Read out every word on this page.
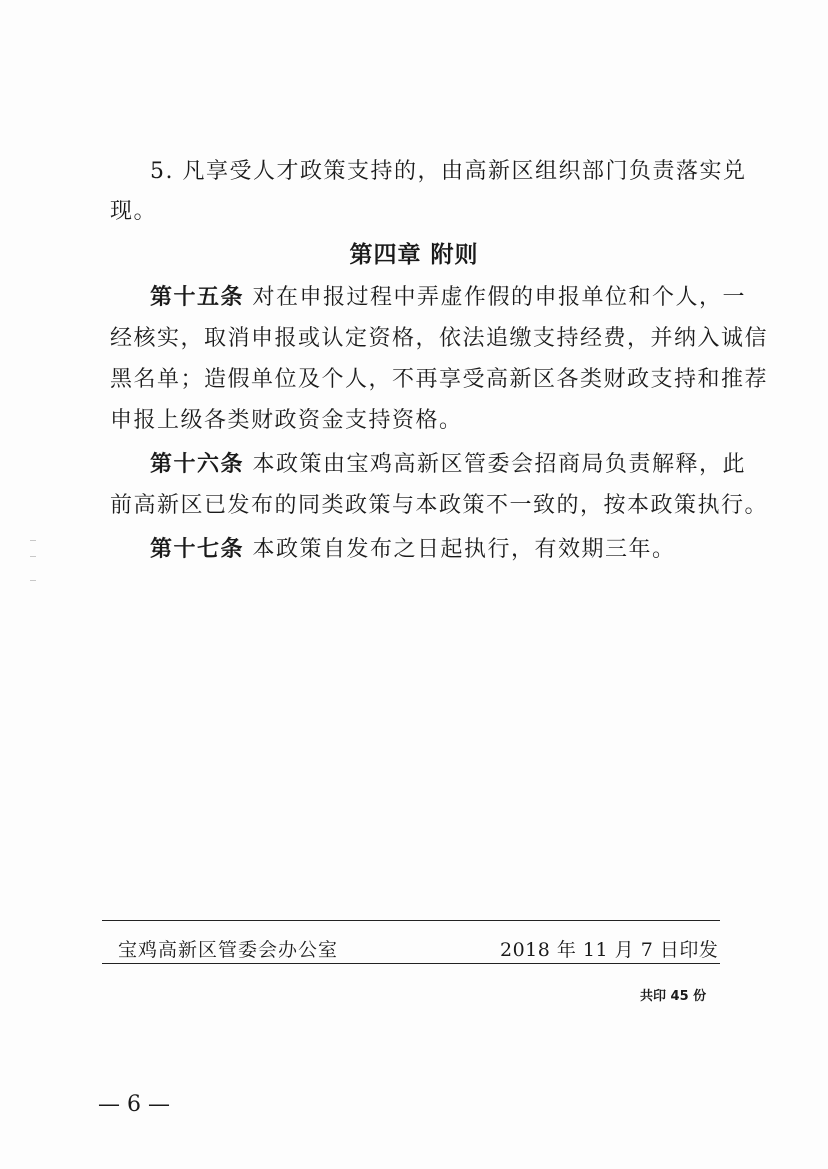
5. 凡享受人才政策支持的，由高新区组织部门负责落实兑
现。
第四章 附则
第十五条 对在申报过程中弄虚作假的申报单位和个人，一
经核实，取消申报或认定资格，依法追缴支持经费，并纳入诚信
黑名单；造假单位及个人，不再享受高新区各类财政支持和推荐
申报上级各类财政资金支持资格。
第十六条 本政策由宝鸡高新区管委会招商局负责解释，此
前高新区已发布的同类政策与本政策不一致的，按本政策执行。
第十七条 本政策自发布之日起执行，有效期三年。
宝鸡高新区管委会办公室	2018 年 11 月 7 日印发
共印 45 份
— 6 —
